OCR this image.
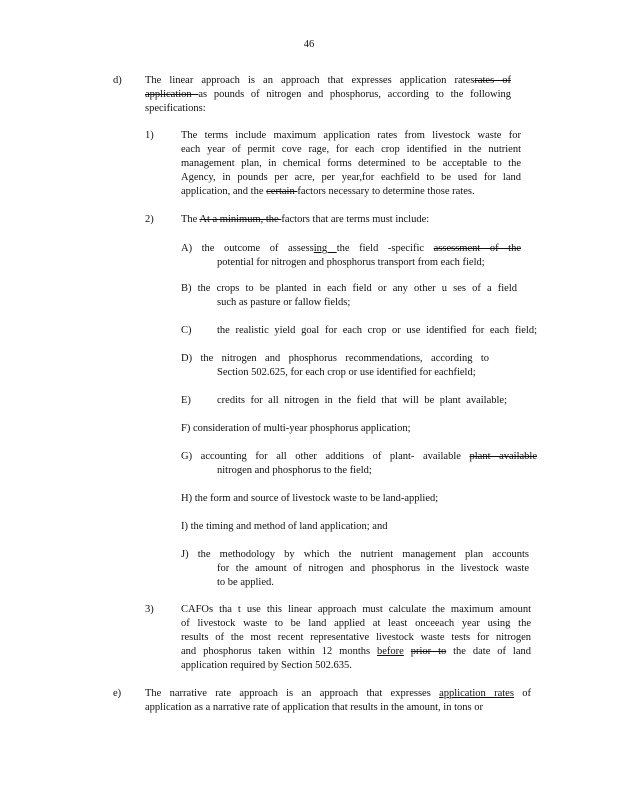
46
d) The linear approach is an approach that expresses application ratesrates of
application as pounds of nitrogen and phosphorus, according to the following
specifications:
1)	The terms include maximum application rates from livestock waste for
each year of permit cove rage, for each crop identified in the nutrient
management plan, in chemical forms determined to be acceptable to the
Agency, in pounds per acre, per year,for eachfield to be used for land
application, and the certain factors necessary to determine those rates.
2)	The At a minimum, the factors that are terms must include:
A) the outcome of assessing the field -specific assessment of the
potential for nitrogen and phosphorus transport from each field;
B) the crops to be planted in each field or any other u ses of a field
such as pasture or fallow fields;
C)	the realistic yield goal for each crop or use identified for each field;
D) the nitrogen and phosphorus recommendations, according to
Section 502.625, for each crop or use identified for eachfield;
E)	credits for all nitrogen in the field that will be plant available;
F) consideration of multi-year phosphorus application;
G) accounting for all other additions of plant- available plant available
nitrogen and phosphorus to the field;
H) the form and source of livestock waste to be land-applied;
I) the timing and method of land application; and
J) the methodology by which the nutrient management plan accounts
for the amount of nitrogen and phosphorus in the livestock waste
to be applied.
3)	CAFOs tha t use this linear approach must calculate the maximum amount
of livestock waste to be land applied at least onceeach year using the
results of the most recent representative livestock waste tests for nitrogen
and phosphorus taken within 12 months before prior to the date of land
application required by Section 502.635.
e) The narrative rate approach is an approach that expresses application rates of
application as a narrative rate of application that results in the amount, in tons or
